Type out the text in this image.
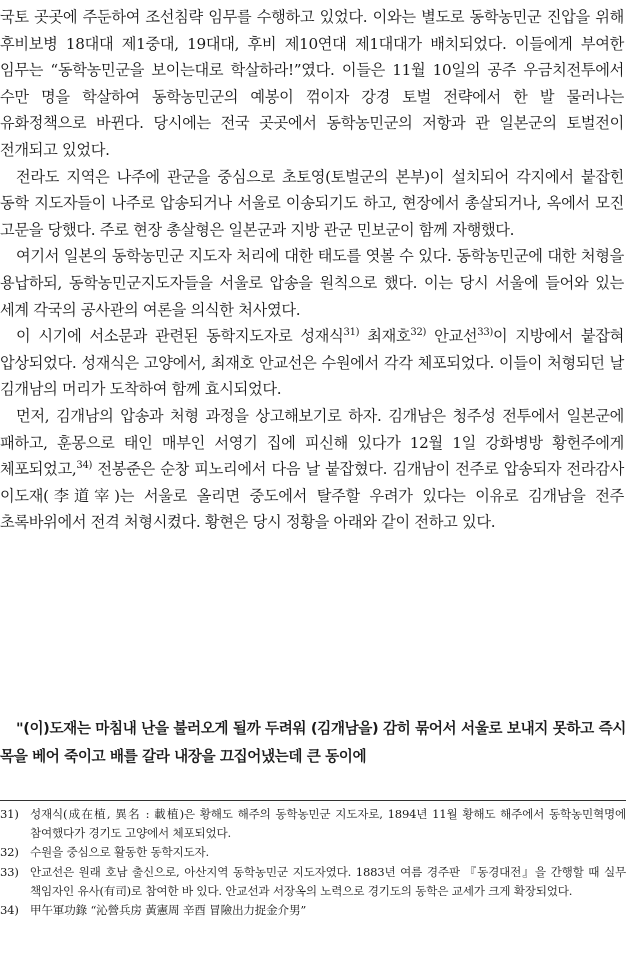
국토 곳곳에 주둔하여 조선침략 임무를 수행하고 있었다. 이와는 별도로 동학농민군 진압을 위해 후비보병 18대대 제1중대, 19대대, 후비 제10연대 제1대대가 배치되었다. 이들에게 부여한 임무는 “동학농민군을 보이는대로 학살하라!”였다. 이들은 11월 10일의 공주 우금치전투에서 수만 명을 학살하여 동학농민군의 예봉이 꺾이자 강경 토벌 전략에서 한 발 물러나는 유화정책으로 바뀐다. 당시에는 전국 곳곳에서 동학농민군의 저항과 관 일본군의 토벌전이 전개되고 있었다.

전라도 지역은 나주에 관군을 중심으로 초토영(토벌군의 본부)이 설치되어 각지에서 붙잡힌 동학 지도자들이 나주로 압송되거나 서울로 이송되기도 하고, 현장에서 총살되거나, 옥에서 모진 고문을 당했다. 주로 현장 총살형은 일본군과 지방 관군 민보군이 함께 자행했다.

여기서 일본의 동학농민군 지도자 처리에 대한 태도를 엿볼 수 있다. 동학농민군에 대한 처형을 용납하되, 동학농민군지도자들을 서울로 압송을 원칙으로 했다. 이는 당시 서울에 들어와 있는 세계 각국의 공사관의 여론을 의식한 처사였다.

이 시기에 서소문과 관련된 동학지도자로 성재식$^{31)}$ 최재호$^{32)}$ 안교선$^{33)}$이 지방에서 붙잡혀 압상되었다. 성재식은 고양에서, 최재호 안교선은 수원에서 각각 체포되었다. 이들이 처형되던 날 김개남의 머리가 도착하여 함께 효시되었다.

먼저, 김개남의 압송과 처형 과정을 상고해보기로 하자. 김개남은 청주성 전투에서 일본군에 패하고, 훈몽으로 태인 매부인 서영기 집에 피신해 있다가 12월 1일 강화병방 황헌주에게 체포되었고,$^{34)}$ 전봉준은 순창 피노리에서 다음 날 붙잡혔다. 김개남이 전주로 압송되자 전라감사 이도재(李道宰)는 서울로 올리면 중도에서 탈주할 우려가 있다는 이유로 김개남을 전주 초록바위에서 전격 처형시켰다. 황현은 당시 정황을 아래와 같이 전하고 있다.

"(이)도재는 마침내 난을 불러오게 될까 두려워 (김개남을) 감히 묶어서 서울로 보내지 못하고 즉시 목을 베어 죽이고 배를 갈라 내장을 끄집어냈는데 큰 동이에

31) 성재식(成在植, 異名 : 載植)은 황해도 해주의 동학농민군 지도자로, 1894년 11월 황해도 해주에서 동학농민혁명에 참여했다가 경기도 고양에서 체포되었다.
32) 수원을 중심으로 활동한 동학지도자.
33) 안교선은 원래 호남 출신으로, 아산지역 동학농민군 지도자였다. 1883년 여름 경주판 『동경대전』을 간행할 때 실무 책임자인 유사(有司)로 참여한 바 있다. 안교선과 서장옥의 노력으로 경기도의 동학은 교세가 크게 확장되었다.
34) 甲午軍功錄 “沁營兵房 黃憲周 辛酉 冒險出力捉金介男”
